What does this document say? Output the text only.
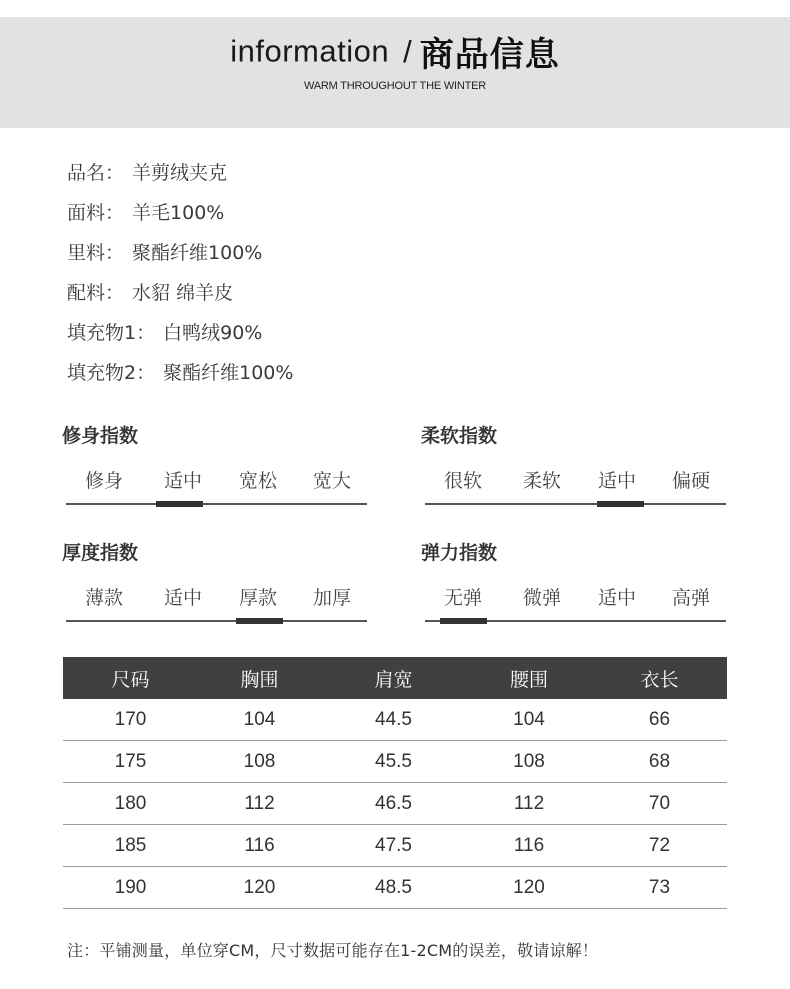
information / 商品信息
WARM THROUGHOUT THE WINTER
品名： 羊剪绒夹克
面料： 羊毛100%
里料： 聚酯纤维100%
配料： 水貂 绵羊皮
填充物1： 白鸭绒90%
填充物2： 聚酯纤维100%
修身指数
修身	适中	宽松	宽大
柔软指数
很软	柔软	适中	偏硬
厚度指数
薄款	适中	厚款	加厚
弹力指数
无弹	微弹	适中	高弹
尺码	胸围	肩宽	腰围	衣长
170	104	44.5	104	66
175	108	45.5	108	68
180	112	46.5	112	70
185	116	47.5	116	72
190	120	48.5	120	73
注：平铺测量，单位穿CM，尺寸数据可能存在1-2CM的误差，敬请谅解！
